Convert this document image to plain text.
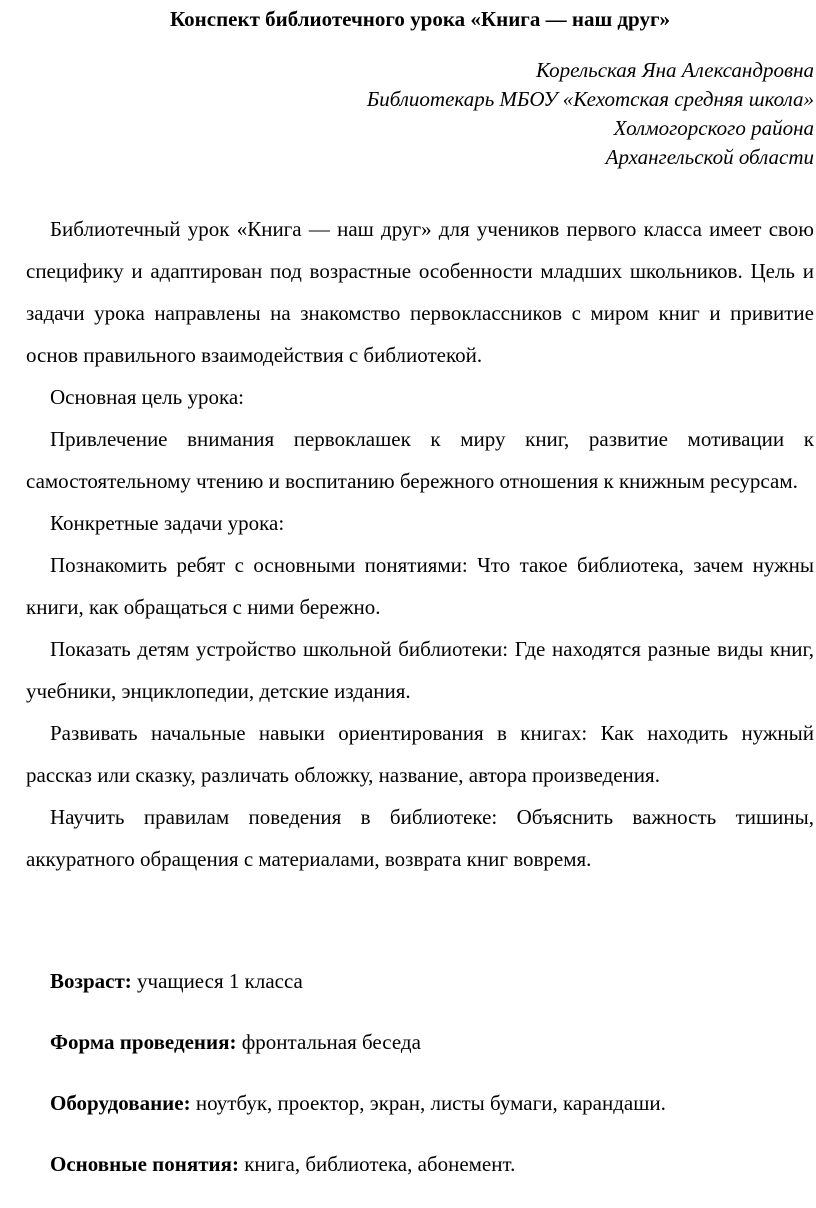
Конспект библиотечного урока «Книга — наш друг»
Корельская Яна Александровна
Библиотекарь МБОУ «Кехотская средняя школа»
Холмогорского района
Архангельской области

Библиотечный урок «Книга — наш друг» для учеников первого класса имеет свою специфику и адаптирован под возрастные особенности младших школьников. Цель и задачи урока направлены на знакомство первоклассников с миром книг и привитие основ правильного взаимодействия с библиотекой.

Основная цель урока:

Привлечение внимания первоклашек к миру книг, развитие мотивации к самостоятельному чтению и воспитанию бережного отношения к книжным ресурсам.

Конкретные задачи урока:

Познакомить ребят с основными понятиями: Что такое библиотека, зачем нужны книги, как обращаться с ними бережно.

Показать детям устройство школьной библиотеки: Где находятся разные виды книг, учебники, энциклопедии, детские издания.

Развивать начальные навыки ориентирования в книгах: Как находить нужный рассказ или сказку, различать обложку, название, автора произведения.

Научить правилам поведения в библиотеке: Объяснить важность тишины, аккуратного обращения с материалами, возврата книг вовремя.

Возраст: учащиеся 1 класса

Форма проведения: фронтальная беседа

Оборудование: ноутбук, проектор, экран, листы бумаги, карандаши.

Основные понятия: книга, библиотека, абонемент.
